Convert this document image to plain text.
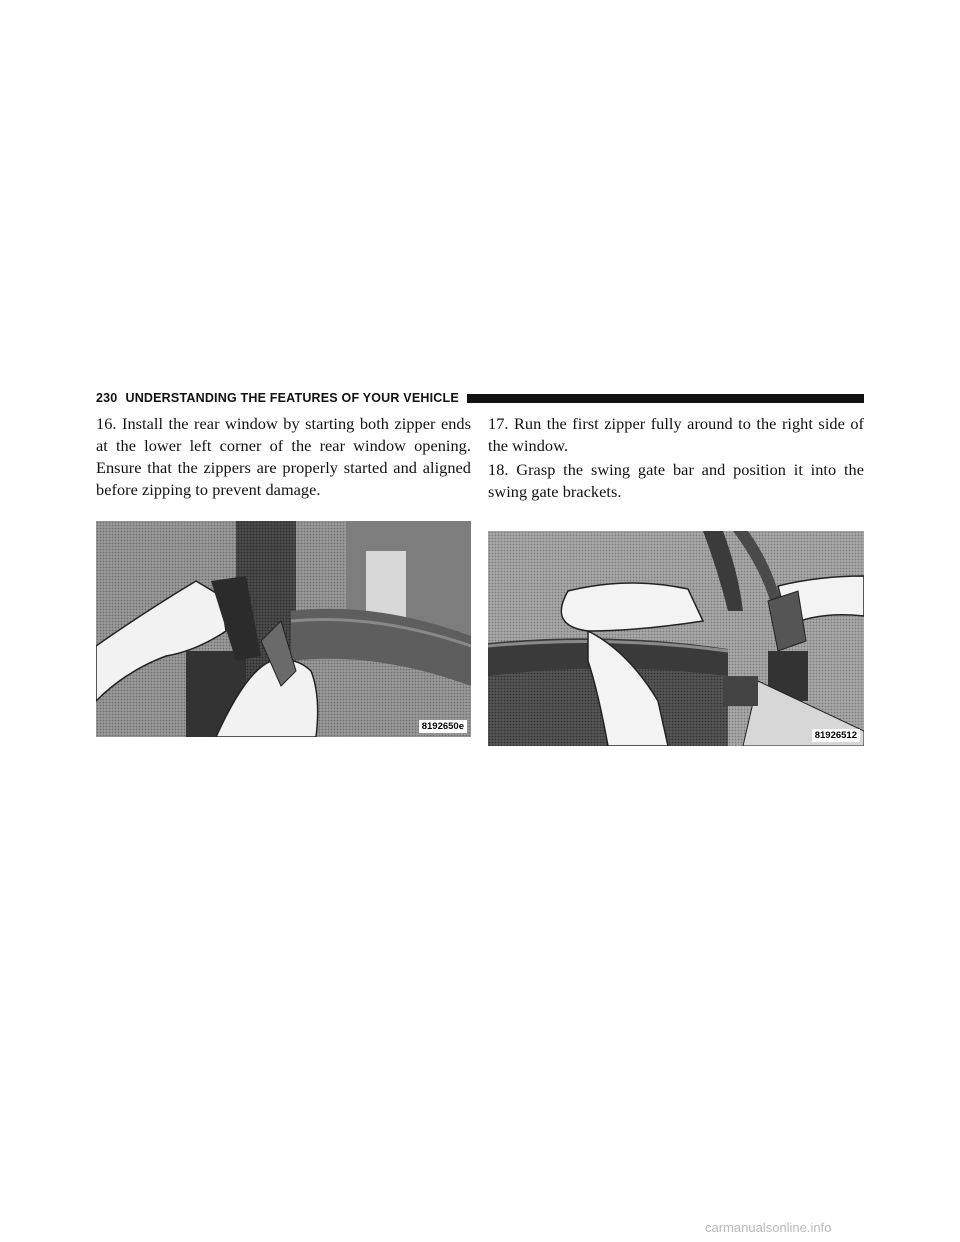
230 UNDERSTANDING THE FEATURES OF YOUR VEHICLE

16. Install the rear window by starting both zipper ends at the lower left corner of the rear window opening. Ensure that the zippers are properly started and aligned before zipping to prevent damage.

17. Run the first zipper fully around to the right side of the window.

18. Grasp the swing gate bar and position it into the swing gate brackets.

8192650e
81926512
carmanualsonline.info
